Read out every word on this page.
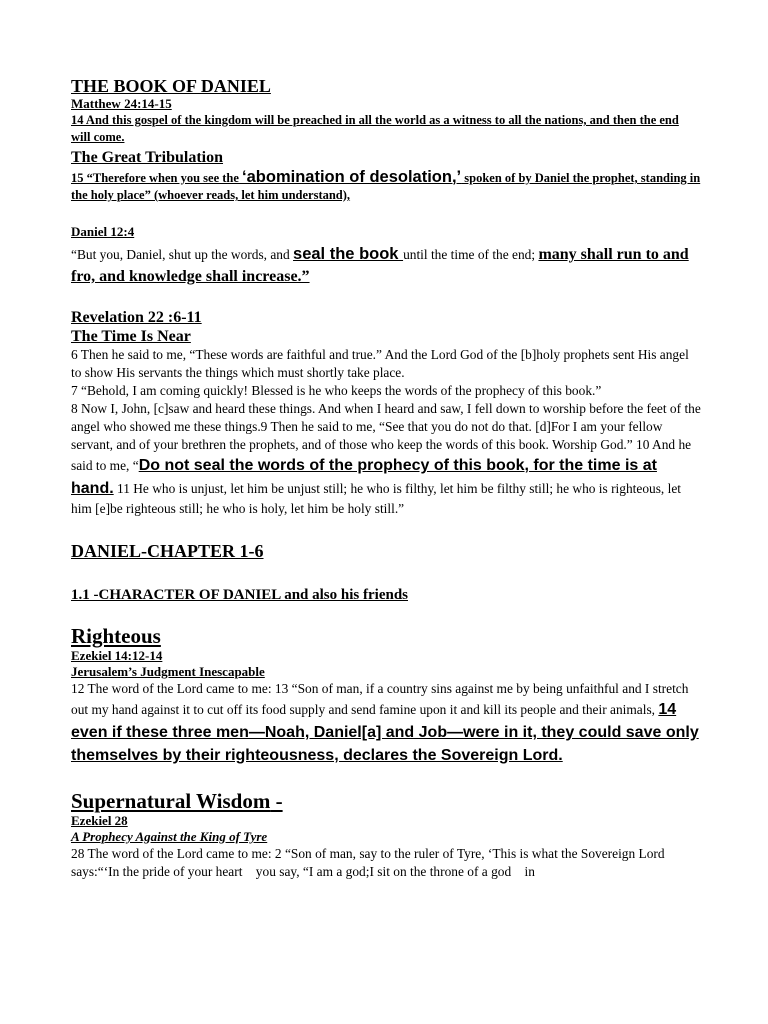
THE BOOK OF DANIEL

Matthew 24:14-15

14 And this gospel of the kingdom will be preached in all the world as a witness to all the nations, and then the end will come.

The Great Tribulation

15 “Therefore when you see the ‘abomination of desolation,’ spoken of by Daniel the prophet, standing in the holy place” (whoever reads, let him understand),

Daniel 12:4

“But you, Daniel, shut up the words, and seal the book until the time of the end; many shall run to and fro, and knowledge shall increase.”

Revelation 22 :6-11

The Time Is Near

6 Then he said to me, “These words are faithful and true.” And the Lord God of the [b]holy prophets sent His angel to show His servants the things which must shortly take place.

7 “Behold, I am coming quickly! Blessed is he who keeps the words of the prophecy of this book.”

8 Now I, John, [c]saw and heard these things. And when I heard and saw, I fell down to worship before the feet of the angel who showed me these things.9 Then he said to me, “See that you do not do that. [d]For I am your fellow servant, and of your brethren the prophets, and of those who keep the words of this book. Worship God.” 10 And he said to me, “Do not seal the words of the prophecy of this book, for the time is at hand. 11 He who is unjust, let him be unjust still; he who is filthy, let him be filthy still; he who is righteous, let him [e]be righteous still; he who is holy, let him be holy still.”

DANIEL-CHAPTER 1-6

1.1 -CHARACTER OF DANIEL and also his friends

Righteous

Ezekiel 14:12-14

Jerusalem’s Judgment Inescapable

12 The word of the Lord came to me: 13 “Son of man, if a country sins against me by being unfaithful and I stretch out my hand against it to cut off its food supply and send famine upon it and kill its people and their animals, 14 even if these three men—Noah, Daniel[a] and Job—were in it, they could save only themselves by their righteousness, declares the Sovereign Lord.

Supernatural Wisdom -

Ezekiel 28

A Prophecy Against the King of Tyre

28 The word of the Lord came to me: 2 “Son of man, say to the ruler of Tyre, ‘This is what the Sovereign Lord says:“‘In the pride of your heart    you say, “I am a god;I sit on the throne of a god    in
